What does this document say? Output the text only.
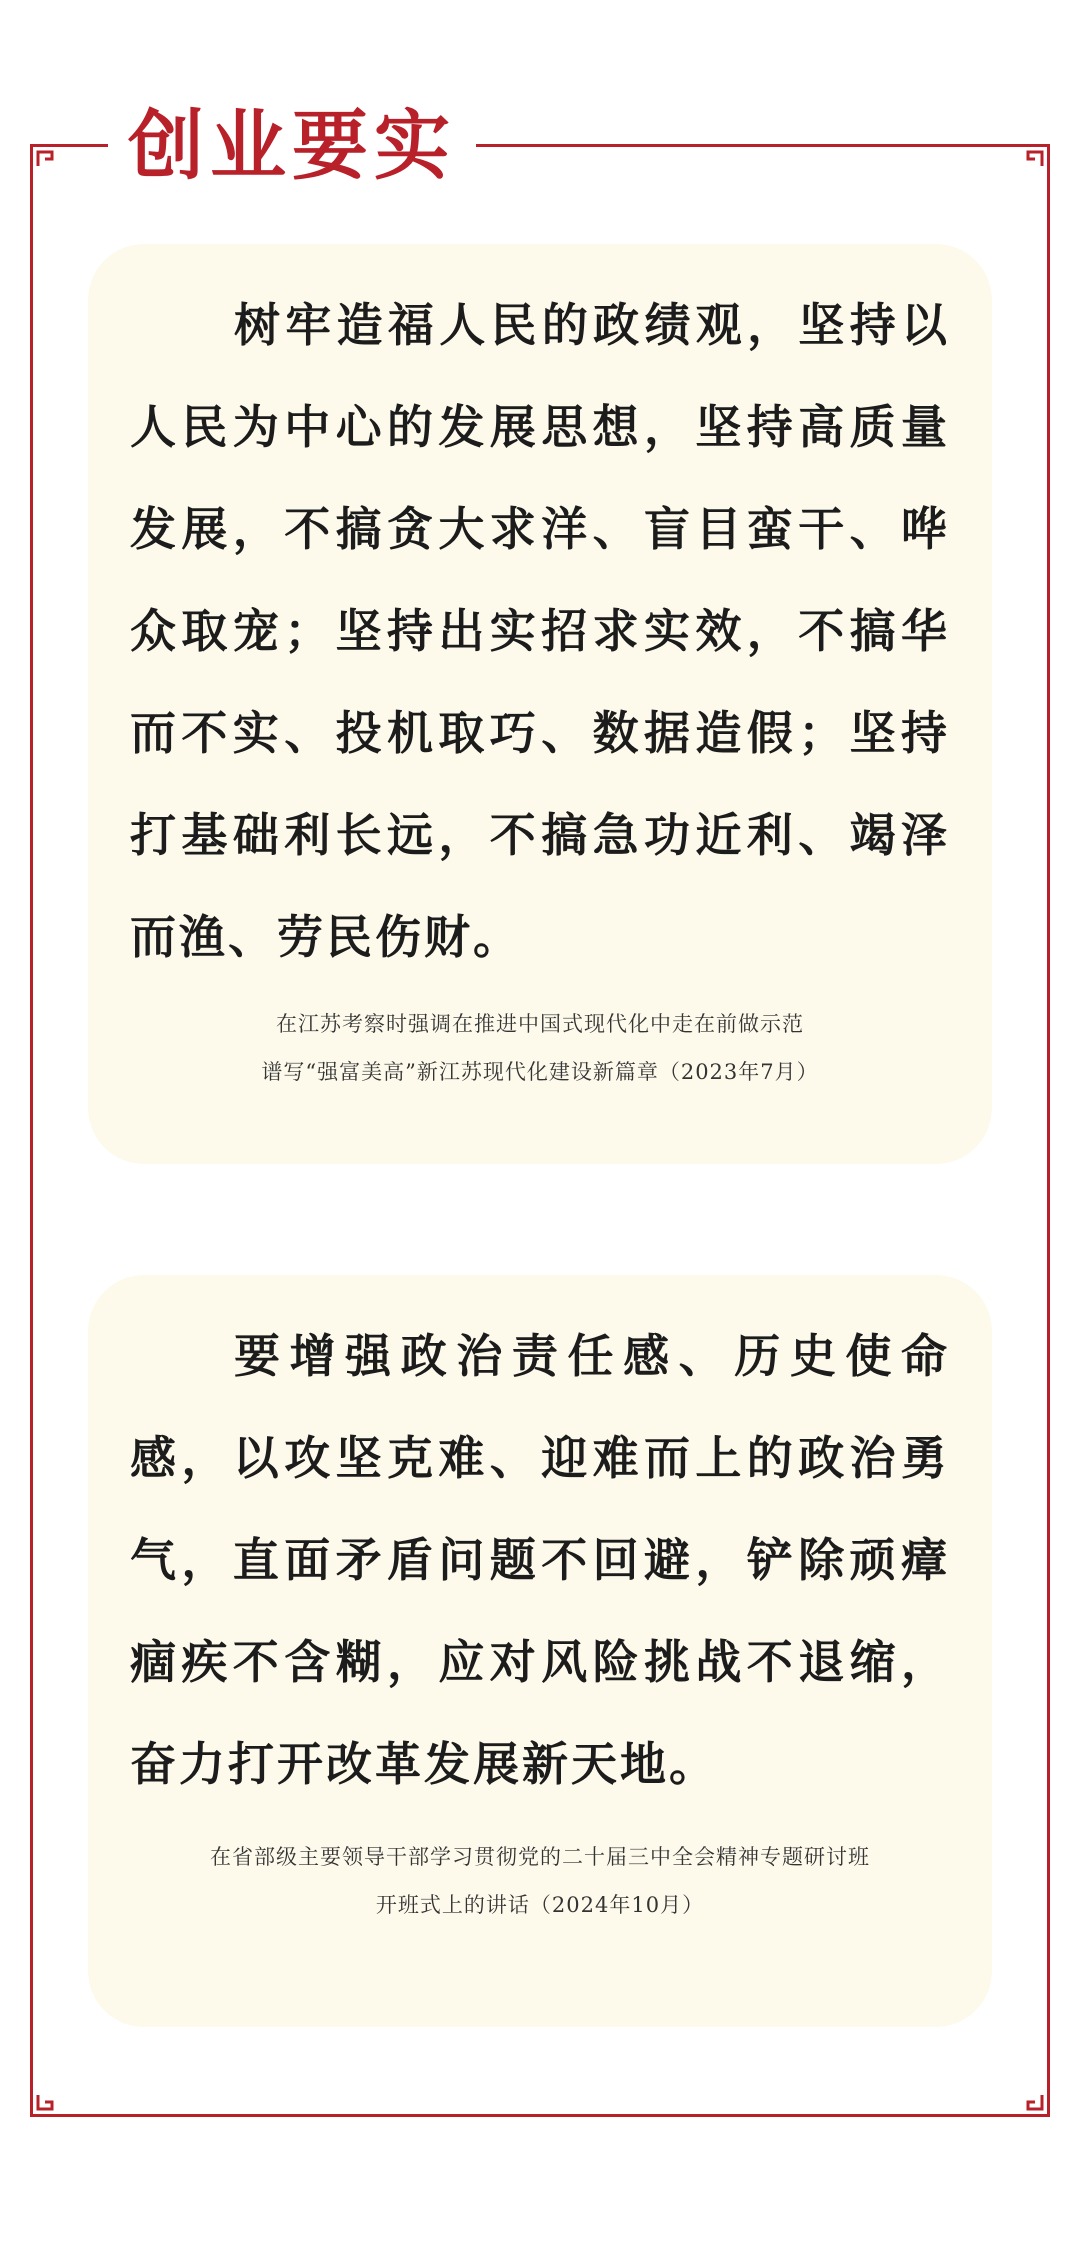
创业要实

树牢造福人民的政绩观，坚持以人民为中心的发展思想，坚持高质量发展，不搞贪大求洋、盲目蛮干、哗众取宠；坚持出实招求实效，不搞华而不实、投机取巧、数据造假；坚持打基础利长远，不搞急功近利、竭泽而渔、劳民伤财。

在江苏考察时强调在推进中国式现代化中走在前做示范
谱写“强富美高”新江苏现代化建设新篇章（2023年7月）

要增强政治责任感、历史使命感，以攻坚克难、迎难而上的政治勇气，直面矛盾问题不回避，铲除顽瘴痼疾不含糊，应对风险挑战不退缩，奋力打开改革发展新天地。

在省部级主要领导干部学习贯彻党的二十届三中全会精神专题研讨班
开班式上的讲话（2024年10月）
